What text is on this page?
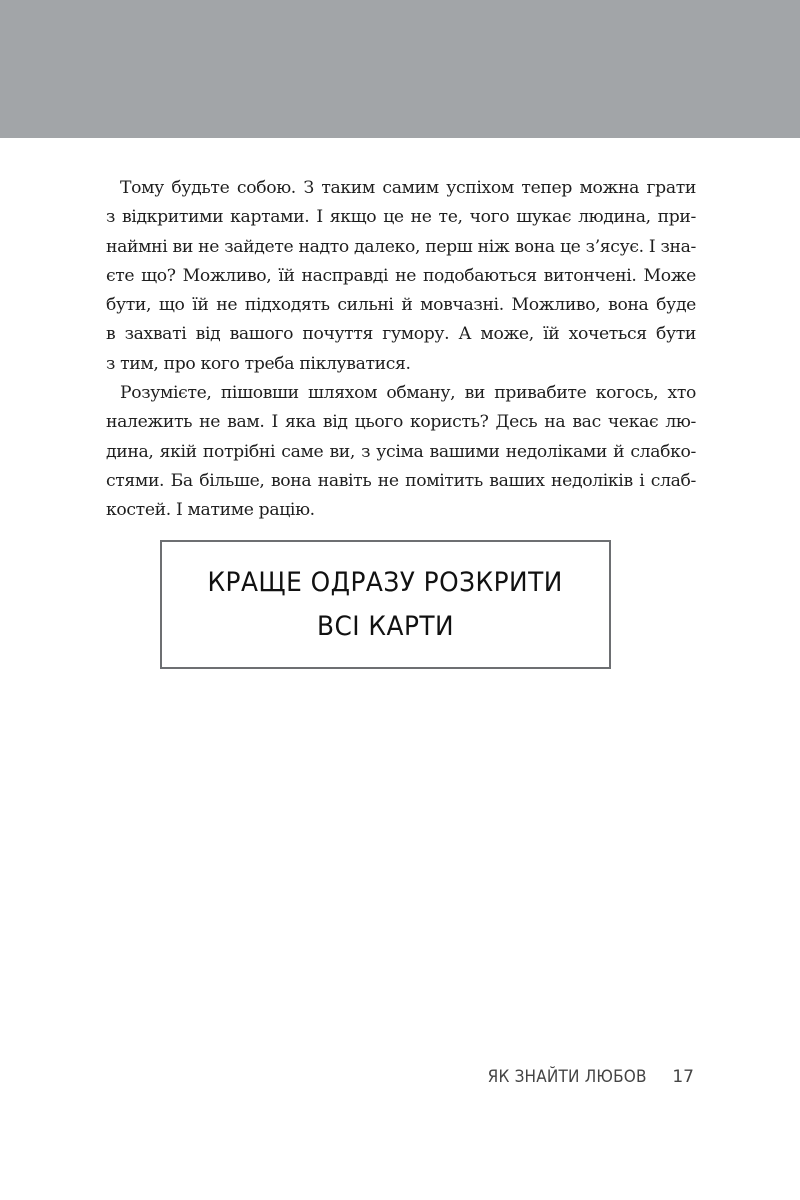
Тому будьте собою. З таким самим успіхом тепер можна грати
з відкритими картами. І якщо це не те, чого шукає людина, при-
наймні ви не зайдете надто далеко, перш ніж вона це з’ясує. І зна-
єте що? Можливо, їй насправді не подобаються витончені. Може
бути, що їй не підходять сильні й мовчазні. Можливо, вона буде
в захваті від вашого почуття гумору. А може, їй хочеться бути
з тим, про кого треба піклуватися.
Розумієте, пішовши шляхом обману, ви привабите когось, хто
належить не вам. І яка від цього користь? Десь на вас чекає лю-
дина, якій потрібні саме ви, з усіма вашими недоліками й слабко-
стями. Ба більше, вона навіть не помітить ваших недоліків і слаб-
костей. І матиме рацію.
КРАЩЕ ОДРАЗУ РОЗКРИТИ
ВСІ КАРТИ
ЯК ЗНАЙТИ ЛЮБОВ 17
